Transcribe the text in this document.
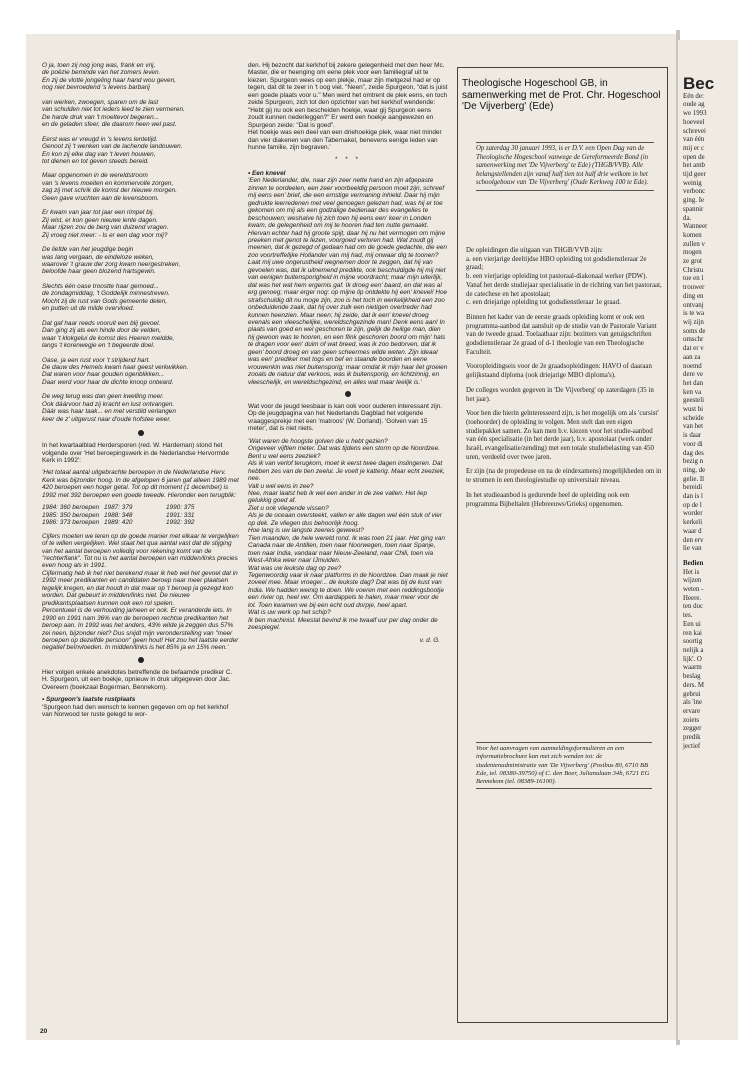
O ja, toen zij nog jong was, frank en vrij,
de poëzie beminde van het zomers leven.
En zij de vlotte jongeling haar hand wou geven,
nog niet bevroedend 's levens barbarij
van werken, zwoegen, sparen om de last
van schulden niet tot ieders leed te zien vermeren.
De harde druk van 't moeltevol begeren...
en de geladen sfeer, die daarom heen wel past.
Eerst was er vreugd in 's levens lentetijd.
Genoot zij 't wenken van de lachende landouwen.
En kon zij elke dag van 't leven houwen,
tot dienen en tot geven steeds bereid.
Maar opgenomen in de wereldstroom
van 's levens moeiten en kommervolle zorgen,
zag zij met schrik de komst der nieuwe morgen.
Geen gave vruchten aan de levensboom.
Er kwam van jaar tot jaar een rimpel bij.
Zij wist, er kon geen nieuwe lente dagen.
Maar rijzen zou de berg van duizend vragen.
Zij vroeg niet meer: - Is er een dag voor mij?
De liefde van het jeugdige begin
was lang vergaan, de eindeloze weken,
waarover 't grauw der zorg kwam neergestreken,
beloofde haar geen blozend hartsgewin.
Slechts één oase troostte haar gemoed...
de zondagmiddag, 't Goddelijk minnestreven.
Mocht zij de rust van Gods gemeente delen,
en putten uit de milde overvloed.
Dat gaf haar reeds vooruit een blij gevoel.
Dan ging zij als een hinde door de velden,
waar 't klokgelui de komst des Heeren meldde,
langs 't korenwegje en 't begeerde doel.
Oase, ja een rust voor 't strijdend hart.
De dauw des Hemels kwam haar geest verkwikken.
Dat waren voor haar gouden ogenblikken...
Daar werd voor haar de dichte knoop ontward.
De weg terug was dan geen kwelling meer.
Ook dáárvoor had zij kracht en lust ontvangen.
Dáár was haar taak... en met verstild verlangen
keer de z' uitgerust naar d'oude hofstee weer.

In het kwartaalblad Herdersporen (red. W. Hardeman) stond het volgende over 'Het beroepingswerk in de Nederlandse Hervormde Kerk in 1992':

'Het totaal aantal uitgebrachte beroepen in de Nederlandse Herv. Kerk was bijzonder hoog. In de afgelopen 6 jaren gaf alleen 1989 met 420 beroepen een hoger getal. Tot op dit moment (1 december) is 1992 met 392 beroepen een goede tweede. Hieronder een terugblik:

1984: 360 beroepen 1987: 379	1990: 375
1985: 350 beroepen 1988: 348	1991: 331
1986: 373 beroepen 1989: 420	1992: 392

Cijfers moeten we leren op de goede manier met elkaar te vergelijken of te willen vergelijken. Wel staat het qua aantal vast dat de stijging van het aantal beroepen volledig voor rekening komt van de "rechterflank". Tot nu is het aantal beroepen van midden/links precies even hoog als in 1991.
Cijfermatig heb ik het niet berekend maar ik heb wel het gevoel dat in 1992 meer predikanten en candidaten beroep naar meer plaatsen tegelijk kregen, en dat houdt in dat maar op 't beroep ja gezegd kon worden. Dat gebeurt in midden/links niet. De nieuwe predikantsplaatsen kunnen ook een rol spelen.
Percentueel is de verhouding ja/neen er ook. Er veranderde iets. In 1990 en 1991 nam 36% van de beroepen rechtse predikanten het beroep aan. In 1992 was het anders, 43% wilde ja zeggen dus 57% zei neen, bijzonder niet? Dus snijdt mijn veronderstelling van "meer beroepen op dezelfde persoon" geen hout! Het zou het laatste eerder negatief beïnvloeden. In midden/links is het 85% ja en 15% neen.'

Hier volgen enkele anekdotes betreffende de befaamde prediker C. H. Spurgeon, uit een boekje, opnieuw in druk uitgegeven door Jac. Overeem (boekzaal Bogerman, Bennekom).

• Spurgeon's laatste rustplaats

'Spurgeon had den wensch te kennen gegeven om op het kerkhof van Norwood ter ruste gelegd te wor-

den. Hij bezocht dat kerkhof bij zekere gelegenheid met den heer Mc. Master, die er heenging om eene plek voor een familiegraf uit te kiezen. Spurgeon wees op een plekje, maar zijn metgezel had er op tegen, dat dit te zeer in 't oog viel. "Neen", zeide Spurgeon, "dat is juist een goede plaats voor u." Men werd het omtrent de plek eens, en toch zeide Spurgeon, zich tot den opzichter van het kerkhof wendende: "Hebt gij nu ook een bescheiden hoekje, waar gij Spurgeon eens zoudt kunnen nederleggen?" Er werd een hoekje aangewezen en Spurgeon zeide: "Dat is goed".
Het hoekje was een deel van een driehoekige plek, waar niet minder dan vier diakenen van den Tabernakel, benevens eenige leden van hunne familie, zijn begraven.'

* * *

• Een knevel

'Een Nederlander, die, naar zijn zeer nette hand en zijn afgepaste zinnen te oordeelen, een zeer voorbeeldig persoon moet zijn, schreef mij eens een' brief, die een ernstige vermaning inhield. Daar hij mijn gedrukte leerredenen met veel genoegen gelezen had, was hij er toe gekomen om mij als een godzalige bedienaar des evangelies te beschouwen; weshalve hij zich toen hij eens een' keer in Londen kwam, de gelegenheid om mij te hooren had ten nutte gemaakt. Hiervan echter had hij groote spijt, daar hij nu het vermogen om mijne preeken met genot te lezen, voorgoed verloren had. Wat zoudt gij meenen, dat ik gezegd of gedaan had om de goede gedachte, die een zoo voortreffelijke Hollander van mij had, mij onwaar dig te toonen? Laat mij uwe ongerustheid wegnemen door te zeggen, dat hij van gevoelen was, dat ik uitnemend predikte, ook beschuldigde hij mij niet van eenigen buitensporigheid in mijne voordracht; maar mijn uiterlijk, dat was het wat hem ergernis gaf. Ik droeg een' baard, en dat was al erg genoeg; maar erger nog: op mijne lip ontdekte hij een' knevel! Hoe strafschuldig dit nu moge zijn, zoo is het toch in werkelijkheid een zoo onbeduidende zaak, dat hij over zulk een nietigen overtreder had kunnen heenzien. Maar neen; hij zeide, dat ik een' knevel droeg evenals een vleeschelijke, wereldschgezinde man! Denk eens aan! In plaats van goed en wel geschoren te zijn, gelijk de heilige man, dien hij gewoon was te hooren, en een flink geschoren boord om mijn' hals te dragen voor een' duim of wat breed, was ik zoo bedorven, dat ik geen' boord droeg en van geen scheermes wilde weten. Zijn ideaal was een' prediker met togs en bef en staande boorden en eene vrouwenkin was niet buitensporig; maar omdat ik mijn haar liet groeien zooals de natuur dat verkoos, was ik buitensporig, en lichtzinnig, en vleeschelijk, en wereldschgezind, en alles wat maar leelijk is.'

Wat voor de jeugd leesbaar is kan ook voor ouderen interessant zijn. Op de jeugdpagina van het Nederlands Dagblad het volgende vraaggesprekje met een 'matroos' (W. Dorland). 'Golven van 15 meter', dat is niet niets.

'Wat waren de hoogste golven die u hebt gezien?
Ongeveer vijftien meter. Dat was tijdens een storm op de Noordzee.
Bent u wel eens zeeziek?
Als ik van verlof terugkom, moet ik eerst twee dagen inslingeren. Dat hebben zes van de tien zeelui. Je voelt je katterig. Maar echt zeeziek, nee.
Valt u wel eens in zee?
Nee, maar laatst heb ik wel een ander in de zee vallen. Het liep gelukkig goed af.
Ziet u ook vliegende vissen?
Als je de oceaan oversteekt, vallen er alle dagen wel één stuk of vier op dek. Ze vliegen dus behoorlijk hoog.
Hoe lang is uw langste zeereis geweest?
Tien maanden, de hele wereld rond. Ik was toen 21 jaar. Het ging van Canada naar de Antillen, toen naar Noorwegen, toen naar Spanje, toen naar India, vandaar naar Nieuw-Zeeland, naar Chili, toen via West-Afrika weer naar IJmuiden.
Wat was uw leukste dag op zee?
Tegenwoordig vaar ik naar platforms in de Noordzee. Dan maak je niet zoveel mee. Maar vroeger... de leukste dag? Dat was bij de kust van India. We hadden weinig te doen. We voeren met een reddingsbootje een rivier op, heel ver. Om aardappels te halen, maar meer voor de lol. Toen kwamen we bij een echt oud dorpje, heel apart.
Wat is uw werk op het schip?
Ik ben machinist. Meestal bevind ik me twaalf uur per dag onder de zeespiegel.

v. d. G.

Theologische Hogeschool GB, in samenwerking met de Prot. Chr. Hogeschool 'De Vijverberg' (Ede)
Op zaterdag 30 januari 1993, is er D.V. een Open Dag van de Theologische Hogeschool vanwege de Gereformeerde Bond (in samenwerking met 'De Vijverberg' te Ede) (THGB/VVB). Alle belangstellenden zijn vanaf half tien tot half drie welkom in het schoolgebouw van 'De Vijverberg' (Oude Kerkweg 100 te Ede).

De opleidingen die uitgaan van THGB/VVB zijn:
a. een vierjarige deeltijdse HBO opleiding tot godsdienstleraar 2e graad;
b. een vierjarige opleiding tot pastoraal-diakonaal werker (PDW). Vanaf het derde studiejaar specialisatie in de richting van het pastoraat, de catechese en het apostolaat;
c. een driejarige opleiding tot godsdienstleraar 1e graad.

Binnen het kader van de eerste graads opleiding komt er ook een programma-aanbod dat aansluit op de studie van de Pastorale Variant van de tweede graad. Toelaatbaar zijn: bezitters van getuigschriften godsdienstleraar 2e graad of d-1 theologie van een Theologische Faculteit.

Vooropleidingseis voor de 2e graadsopleidingen: HAVO of daaraan gelijkstaand diploma (ook driejarige MBO diploma's).

De colleges worden gegeven in 'De Vijverberg' op zaterdagen (35 in het jaar).

Voor hen die hierin geïnteresseerd zijn, is het mogelijk om als 'cursist' (toehoorder) de opleiding te volgen. Men stelt dan een eigen studiepakket samen. Zo kan men b.v. kiezen voor het studie-aanbod van één specialisatie (in het derde jaar), b.v. apostolaat (werk onder Israël, evangelisatie/zending) met een totale studiebelasting van 450 uren, verdeeld over twee jaren.

Er zijn (na de propedeuse en na de eindexamens) mogelijkheden om in te stromen in een theologiestudie op universitair niveau.

In het studieaanbod is gedurende heel de opleiding ook een programma Bijbeltalen (Hebreeuws/Grieks) opgenomen.

Voor het aanvragen van aanmeldingsformulieren en een informatiebrochure kan met zich wenden tot: de studentenadministratie van 'De Vijverberg' (Postbus 80, 6710 BB Ede, tel. 08380-39750) of C. den Boer, Julianalaan 34b, 6721 EG Bennekom (tel. 08389-16100).
20
Bec
Eén de:
oude ag
we 1993
hoeveel
schrevei
van één
mij er c
open de
het amb
tijd geer
weinig
verbonc
ging. Ie
spannir
da.
Wanneer
komen
zullen v
mogen
ze grot
Christu
toe en l
trouwer
ding en
ontvanj
is te wa
wij zijn
soms de
omschr
dat er v
aan za
noemd
dere ve
het dan
ken va
geesteli
wust bi
scheide
van het
is daar
voor di
dag des
bezig n
ning, de
gelie. Il
bereidi
dan is l
op de l
worder
kerkeli
waar d
den erv
lie van
Bedien
Het is
wijzen
weten -
Heere.
ten doc
tes.
Een ui
ren kai
soortig
nelijk a
lijk'. O
waarm
beslag
ders. M
gebrui
als 'ine
ervare
zoiets
zegger
predik
jectief
